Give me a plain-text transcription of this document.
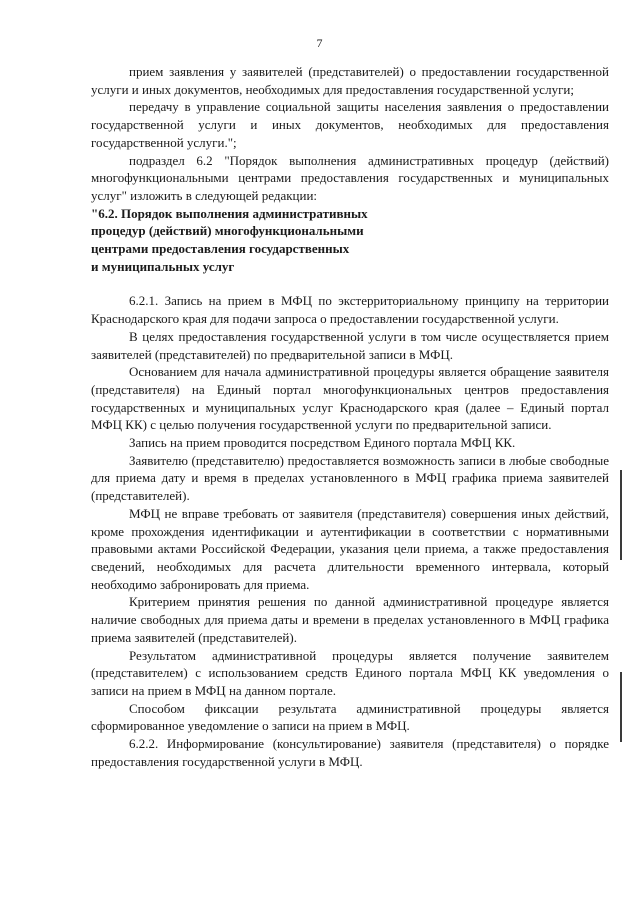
7

прием заявления у заявителей (представителей) о предоставлении государственной услуги и иных документов, необходимых для предоставления государственной услуги;

передачу в управление социальной защиты населения заявления о предоставлении государственной услуги и иных документов, необходимых для предоставления государственной услуги.";

подраздел 6.2 "Порядок выполнения административных процедур (действий) многофункциональными центрами предоставления государственных и муниципальных услуг" изложить в следующей редакции:

"6.2. Порядок выполнения административных

процедур (действий) многофункциональными

центрами предоставления государственных

и муниципальных услуг

6.2.1. Запись на прием в МФЦ по экстерриториальному принципу на территории Краснодарского края для подачи запроса о предоставлении государственной услуги.

В целях предоставления государственной услуги в том числе осуществляется прием заявителей (представителей) по предварительной записи в МФЦ.

Основанием для начала административной процедуры является обращение заявителя (представителя) на Единый портал многофункциональных центров предоставления государственных и муниципальных услуг Краснодарского края (далее – Единый портал МФЦ КК) с целью получения государственной услуги по предварительной записи.

Запись на прием проводится посредством Единого портала МФЦ КК.

Заявителю (представителю) предоставляется возможность записи в любые свободные для приема дату и время в пределах установленного в МФЦ графика приема заявителей (представителей).

МФЦ не вправе требовать от заявителя (представителя) совершения иных действий, кроме прохождения идентификации и аутентификации в соответствии с нормативными правовыми актами Российской Федерации, указания цели приема, а также предоставления сведений, необходимых для расчета длительности временного интервала, который необходимо забронировать для приема.

Критерием принятия решения по данной административной процедуре является наличие свободных для приема даты и времени в пределах установленного в МФЦ графика приема заявителей (представителей).

Результатом административной процедуры является получение заявителем (представителем) с использованием средств Единого портала МФЦ КК уведомления о записи на прием в МФЦ на данном портале.

Способом фиксации результата административной процедуры является сформированное уведомление о записи на прием в МФЦ.

6.2.2. Информирование (консультирование) заявителя (представителя) о порядке предоставления государственной услуги в МФЦ.
